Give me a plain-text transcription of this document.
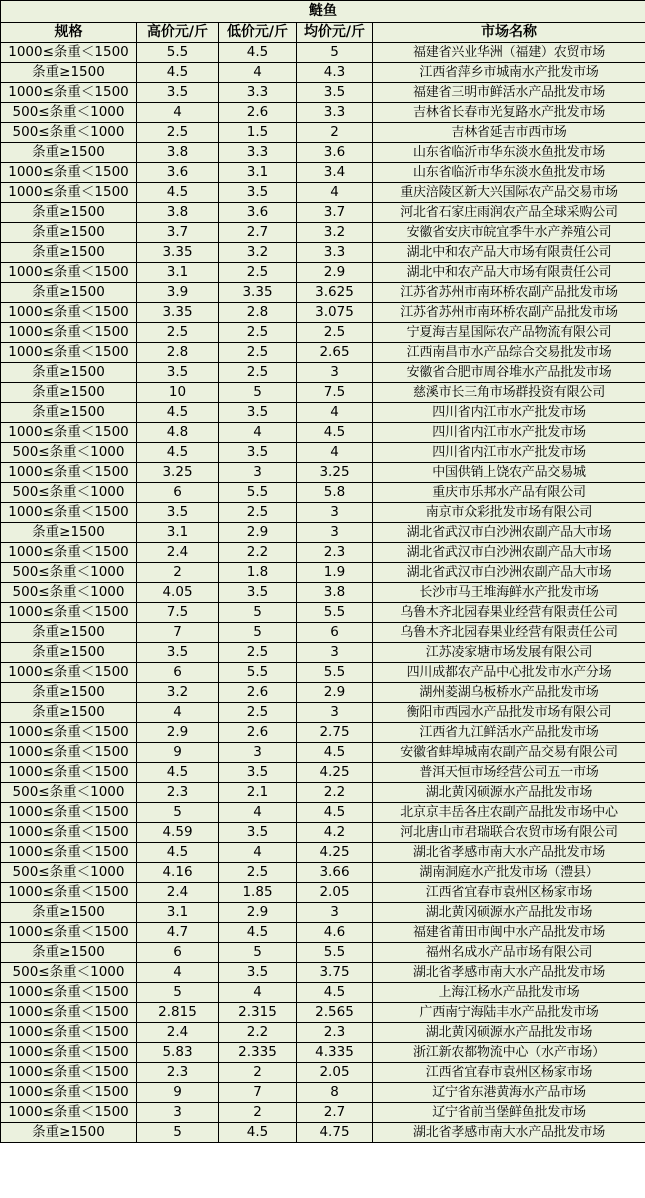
鲢鱼				
规格	高价元/斤	低价元/斤	均价元/斤	市场名称
1000≤条重＜1500	5.5	4.5	5	福建省兴业华洲（福建）农贸市场
条重≥1500	4.5	4	4.3	江西省萍乡市城南水产批发市场
1000≤条重＜1500	3.5	3.3	3.5	福建省三明市鲜活水产品批发市场
500≤条重＜1000	4	2.6	3.3	吉林省长春市光复路水产批发市场
500≤条重＜1000	2.5	1.5	2	吉林省延吉市西市场
条重≥1500	3.8	3.3	3.6	山东省临沂市华东淡水鱼批发市场
1000≤条重＜1500	3.6	3.1	3.4	山东省临沂市华东淡水鱼批发市场
1000≤条重＜1500	4.5	3.5	4	重庆涪陵区新大兴国际农产品交易市场
条重≥1500	3.8	3.6	3.7	河北省石家庄雨润农产品全球采购公司
条重≥1500	3.7	2.7	3.2	安徽省安庆市皖宜季牛水产养殖公司
条重≥1500	3.35	3.2	3.3	湖北中和农产品大市场有限责任公司
1000≤条重＜1500	3.1	2.5	2.9	湖北中和农产品大市场有限责任公司
条重≥1500	3.9	3.35	3.625	江苏省苏州市南环桥农副产品批发市场
1000≤条重＜1500	3.35	2.8	3.075	江苏省苏州市南环桥农副产品批发市场
1000≤条重＜1500	2.5	2.5	2.5	宁夏海吉星国际农产品物流有限公司
1000≤条重＜1500	2.8	2.5	2.65	江西南昌市水产品综合交易批发市场
条重≥1500	3.5	2.5	3	安徽省合肥市周谷堆水产品批发市场
条重≥1500	10	5	7.5	慈溪市长三角市场群投资有限公司
条重≥1500	4.5	3.5	4	四川省内江市水产批发市场
1000≤条重＜1500	4.8	4	4.5	四川省内江市水产批发市场
500≤条重＜1000	4.5	3.5	4	四川省内江市水产批发市场
1000≤条重＜1500	3.25	3	3.25	中国供销上饶农产品交易城
500≤条重＜1000	6	5.5	5.8	重庆市乐邦水产品有限公司
1000≤条重＜1500	3.5	2.5	3	南京市众彩批发市场有限公司
条重≥1500	3.1	2.9	3	湖北省武汉市白沙洲农副产品大市场
1000≤条重＜1500	2.4	2.2	2.3	湖北省武汉市白沙洲农副产品大市场
500≤条重＜1000	2	1.8	1.9	湖北省武汉市白沙洲农副产品大市场
500≤条重＜1000	4.05	3.5	3.8	长沙市马王堆海鲜水产批发市场
1000≤条重＜1500	7.5	5	5.5	乌鲁木齐北园春果业经营有限责任公司
条重≥1500	7	5	6	乌鲁木齐北园春果业经营有限责任公司
条重≥1500	3.5	2.5	3	江苏凌家塘市场发展有限公司
1000≤条重＜1500	6	5.5	5.5	四川成都农产品中心批发市水产分场
条重≥1500	3.2	2.6	2.9	湖州菱湖乌板桥水产品批发市场
条重≥1500	4	2.5	3	衡阳市西园水产品批发市场有限公司
1000≤条重＜1500	2.9	2.6	2.75	江西省九江鲜活水产品批发市场
1000≤条重＜1500	9	3	4.5	安徽省蚌埠城南农副产品交易有限公司
1000≤条重＜1500	4.5	3.5	4.25	普洱天恒市场经营公司五一市场
500≤条重＜1000	2.3	2.1	2.2	湖北黄冈硕源水产品批发市场
1000≤条重＜1500	5	4	4.5	北京京丰岳各庄农副产品批发市场中心
1000≤条重＜1500	4.59	3.5	4.2	河北唐山市君瑞联合农贸市场有限公司
1000≤条重＜1500	4.5	4	4.25	湖北省孝感市南大水产品批发市场
500≤条重＜1000	4.16	2.5	3.66	湖南洞庭水产批发市场（澧县）
1000≤条重＜1500	2.4	1.85	2.05	江西省宜春市袁州区杨家市场
条重≥1500	3.1	2.9	3	湖北黄冈硕源水产品批发市场
1000≤条重＜1500	4.7	4.5	4.6	福建省莆田市闽中水产品批发市场
条重≥1500	6	5	5.5	福州名成水产品市场有限公司
500≤条重＜1000	4	3.5	3.75	湖北省孝感市南大水产品批发市场
1000≤条重＜1500	5	4	4.5	上海江杨水产品批发市场
1000≤条重＜1500	2.815	2.315	2.565	广西南宁海陆丰水产品批发市场
1000≤条重＜1500	2.4	2.2	2.3	湖北黄冈硕源水产品批发市场
1000≤条重＜1500	5.83	2.335	4.335	浙江新农都物流中心（水产市场）
1000≤条重＜1500	2.3	2	2.05	江西省宜春市袁州区杨家市场
1000≤条重＜1500	9	7	8	辽宁省东港黄海水产品市场
1000≤条重＜1500	3	2	2.7	辽宁省前当堡鲜鱼批发市场
条重≥1500	5	4.5	4.75	湖北省孝感市南大水产品批发市场
